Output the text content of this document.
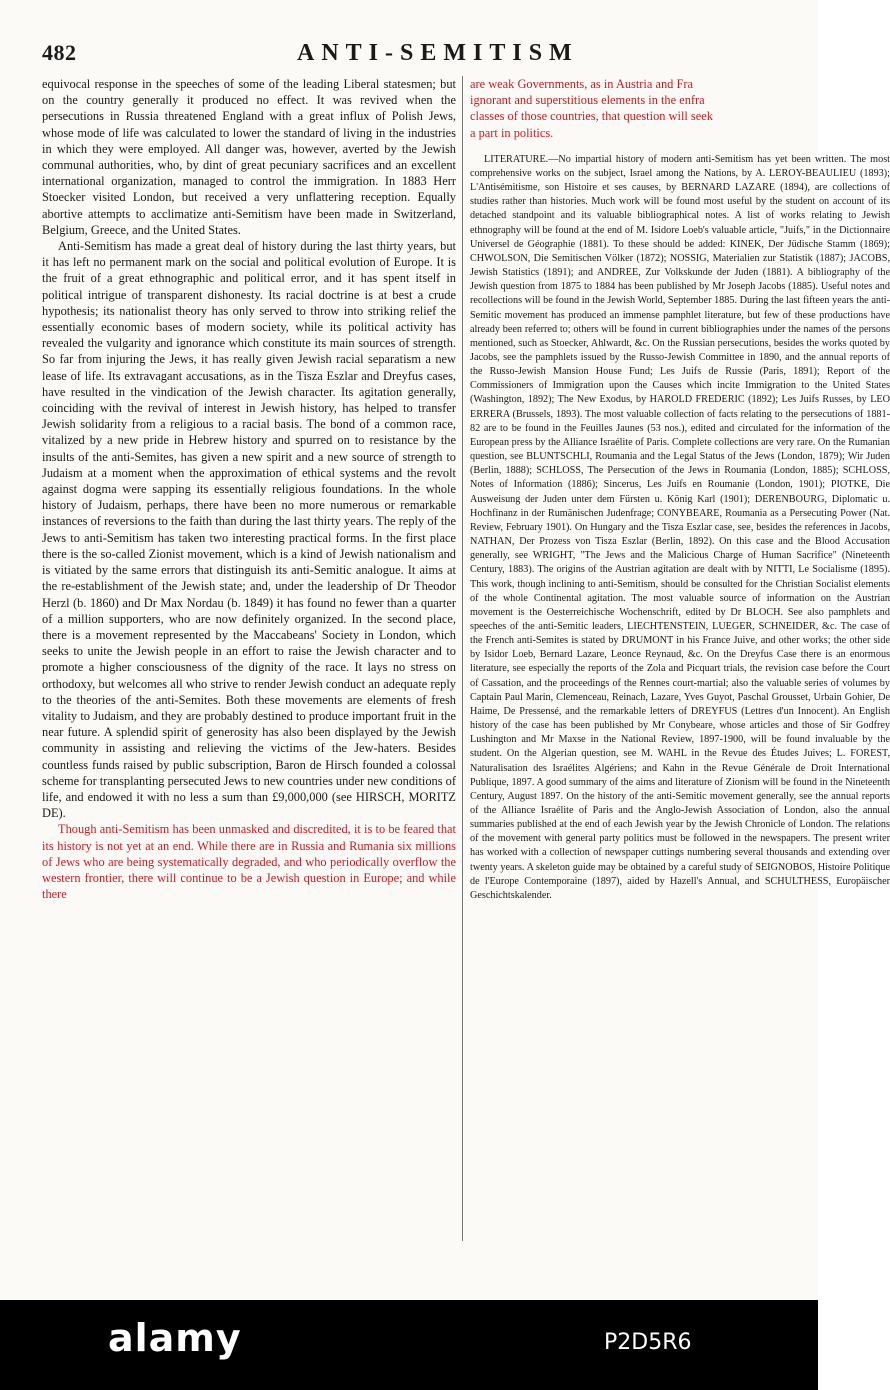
482	ANTI-SEMITISM

equivocal response in the speeches of some of the leading Liberal statesmen; but on the country generally it produced no effect. It was revived when the persecutions in Russia threatened England with a great influx of Polish Jews, whose mode of life was calculated to lower the standard of living in the industries in which they were employed. All danger was, however, averted by the Jewish communal authorities, who, by dint of great pecuniary sacrifices and an excellent international organization, managed to control the immigration. In 1883 Herr Stoecker visited London, but received a very unflattering reception. Equally abortive attempts to acclimatize anti-Semitism have been made in Switzerland, Belgium, Greece, and the United States.

Anti-Semitism has made a great deal of history during the last thirty years, but it has left no permanent mark on the social and political evolution of Europe. It is the fruit of a great ethnographic and political error, and it has spent itself in political intrigue of transparent dishonesty. Its racial doctrine is at best a crude hypothesis; its nationalist theory has only served to throw into striking relief the essentially economic bases of modern society, while its political activity has revealed the vulgarity and ignorance which constitute its main sources of strength. So far from injuring the Jews, it has really given Jewish racial separatism a new lease of life. Its extravagant accusations, as in the Tisza Eszlar and Dreyfus cases, have resulted in the vindication of the Jewish character. Its agitation generally, coinciding with the revival of interest in Jewish history, has helped to transfer Jewish solidarity from a religious to a racial basis. The bond of a common race, vitalized by a new pride in Hebrew history and spurred on to resistance by the insults of the anti-Semites, has given a new spirit and a new source of strength to Judaism at a moment when the approximation of ethical systems and the revolt against dogma were sapping its essentially religious foundations. In the whole history of Judaism, perhaps, there have been no more numerous or remarkable instances of reversions to the faith than during the last thirty years. The reply of the Jews to anti-Semitism has taken two interesting practical forms. In the first place there is the so-called Zionist movement, which is a kind of Jewish nationalism and is vitiated by the same errors that distinguish its anti-Semitic analogue. It aims at the re-establishment of the Jewish state; and, under the leadership of Dr Theodor Herzl (b. 1860) and Dr Max Nordau (b. 1849) it has found no fewer than a quarter of a million supporters, who are now definitely organized. In the second place, there is a movement represented by the Maccabeans' Society in London, which seeks to unite the Jewish people in an effort to raise the Jewish character and to promote a higher consciousness of the dignity of the race. It lays no stress on orthodoxy, but welcomes all who strive to render Jewish conduct an adequate reply to the theories of the anti-Semites. Both these movements are elements of fresh vitality to Judaism, and they are probably destined to produce important fruit in the near future. A splendid spirit of generosity has also been displayed by the Jewish community in assisting and relieving the victims of the Jew-haters. Besides countless funds raised by public subscription, Baron de Hirsch founded a colossal scheme for transplanting persecuted Jews to new countries under new conditions of life, and endowed it with no less a sum than £9,000,000 (see HIRSCH, MORITZ DE).

Though anti-Semitism has been unmasked and discredited, it is to be feared that its history is not yet at an end. While there are in Russia and Rumania six millions of Jews who are being systematically degraded, and who periodically overflow the western frontier, there will continue to be a Jewish question in Europe; and while there

are weak Governments, as in Austria and Fra
ignorant and superstitious elements in the enfra
classes of those countries, that question will seek
a part in politics.

LITERATURE.—No impartial history of modern anti-Semitism has yet been written. The most comprehensive works on the subject, Israel among the Nations, by A. LEROY-BEAULIEU (1893); L'Antisémitisme, son Histoire et ses causes, by BERNARD LAZARE (1894), are collections of studies rather than histories. Much work will be found most useful by the student on account of its detached standpoint and its valuable bibliographical notes. A list of works relating to Jewish ethnography will be found at the end of M. Isidore Loeb's valuable article, "Juifs," in the Dictionnaire Universel de Géographie (1881). To these should be added: KINEK, Der Jüdische Stamm (1869); CHWOLSON, Die Semitischen Völker (1872); NOSSIG, Materialien zur Statistik (1887); JACOBS, Jewish Statistics (1891); and ANDREE, Zur Volkskunde der Juden (1881). A bibliography of the Jewish question from 1875 to 1884 has been published by Mr Joseph Jacobs (1885). Useful notes and recollections will be found in the Jewish World, September 1885. During the last fifteen years the anti-Semitic movement has produced an immense pamphlet literature, but few of these productions have already been referred to; others will be found in current bibliographies under the names of the persons mentioned, such as Stoecker, Ahlwardt, &c. On the Russian persecutions, besides the works quoted by Jacobs, see the pamphlets issued by the Russo-Jewish Committee in 1890, and the annual reports of the Russo-Jewish Mansion House Fund; Les Juifs de Russie (Paris, 1891); Report of the Commissioners of Immigration upon the Causes which incite Immigration to the United States (Washington, 1892); The New Exodus, by HAROLD FREDERIC (1892); Les Juifs Russes, by LEO ERRERA (Brussels, 1893). The most valuable collection of facts relating to the persecutions of 1881-82 are to be found in the Feuilles Jaunes (53 nos.), edited and circulated for the information of the European press by the Alliance Israélite of Paris. Complete collections are very rare. On the Rumanian question, see BLUNTSCHLI, Roumania and the Legal Status of the Jews (London, 1879); Wir Juden (Berlin, 1888); SCHLOSS, The Persecution of the Jews in Roumania (London, 1885); SCHLOSS, Notes of Information (1886); Sincerus, Les Juifs en Roumanie (London, 1901); PIOTKE, Die Ausweisung der Juden unter dem Fürsten u. König Karl (1901); DERENBOURG, Diplomatic u. Hochfinanz in der Rumänischen Judenfrage; CONYBEARE, Roumania as a Persecuting Power (Nat. Review, February 1901). On Hungary and the Tisza Eszlar case, see, besides the references in Jacobs, NATHAN, Der Prozess von Tisza Eszlar (Berlin, 1892). On this case and the Blood Accusation generally, see WRIGHT, "The Jews and the Malicious Charge of Human Sacrifice" (Nineteenth Century, 1883). The origins of the Austrian agitation are dealt with by NITTI, Le Socialisme (1895). This work, though inclining to anti-Semitism, should be consulted for the Christian Socialist elements of the whole Continental agitation. The most valuable source of information on the Austrian movement is the Oesterreichische Wochenschrift, edited by Dr BLOCH. See also pamphlets and speeches of the anti-Semitic leaders, LIECHTENSTEIN, LUEGER, SCHNEIDER, &c. The case of the French anti-Semites is stated by DRUMONT in his France Juive, and other works; the other side by Isidor Loeb, Bernard Lazare, Leonce Reynaud, &c. On the Dreyfus Case there is an enormous literature, see especially the reports of the Zola and Picquart trials, the revision case before the Court of Cassation, and the proceedings of the Rennes court-martial; also the valuable series of volumes by Captain Paul Marin, Clemenceau, Reinach, Lazare, Yves Guyot, Paschal Grousset, Urbain Gohier, De Haime, De Pressensé, and the remarkable letters of DREYFUS (Lettres d'un Innocent). An English history of the case has been published by Mr Conybeare, whose articles and those of Sir Godfrey Lushington and Mr Maxse in the National Review, 1897-1900, will be found invaluable by the student. On the Algerian question, see M. WAHL in the Revue des Études Juives; L. FOREST, Naturalisation des Israélites Algériens; and Kahn in the Revue Générale de Droit International Publique, 1897. A good summary of the aims and literature of Zionism will be found in the Nineteenth Century, August 1897. On the history of the anti-Semitic movement generally, see the annual reports of the Alliance Israélite of Paris and the Anglo-Jewish Association of London, also the annual summaries published at the end of each Jewish year by the Jewish Chronicle of London. The relations of the movement with general party politics must be followed in the newspapers. The present writer has worked with a collection of newspaper cuttings numbering several thousands and extending over twenty years. A skeleton guide may be obtained by a careful study of SEIGNOBOS, Histoire Politique de l'Europe Contemporaine (1897), aided by Hazell's Annual, and SCHULTHESS, Europäischer Geschichtskalender.

alamy	P2D5R6
